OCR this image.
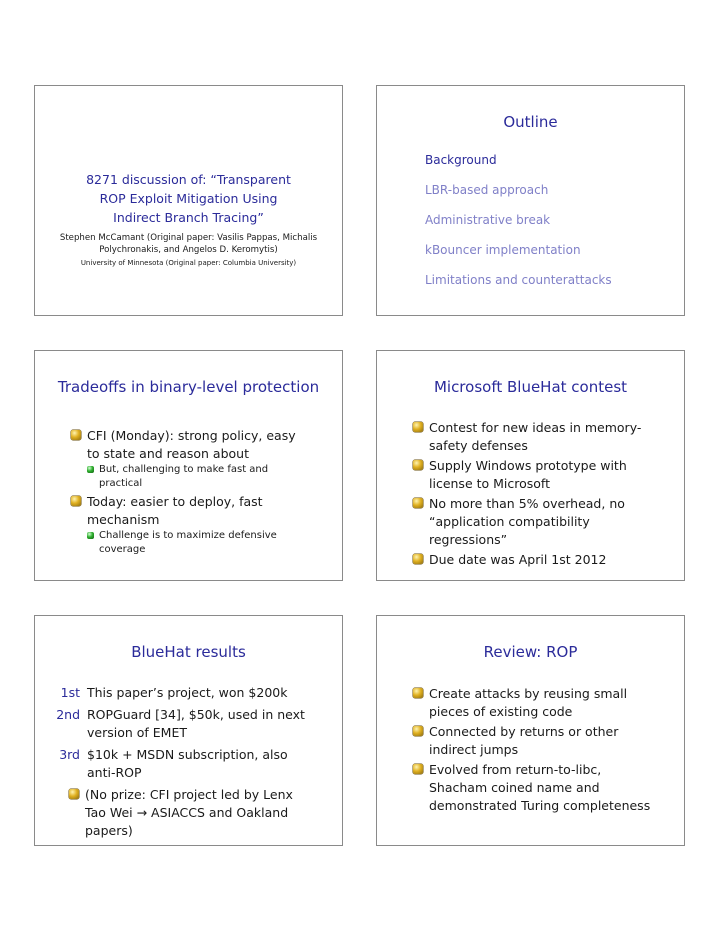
8271 discussion of: “Transparent
ROP Exploit Mitigation Using
Indirect Branch Tracing”
Stephen McCamant (Original paper: Vasilis Pappas, Michalis
Polychronakis, and Angelos D. Keromytis)
University of Minnesota (Original paper: Columbia University)
Outline
Background
LBR-based approach
Administrative break
kBouncer implementation
Limitations and counterattacks
Tradeoffs in binary-level protection
CFI (Monday): strong policy, easy to state and reason about
But, challenging to make fast and practical
Today: easier to deploy, fast mechanism
Challenge is to maximize defensive coverage
Microsoft BlueHat contest
Contest for new ideas in memory-safety defenses
Supply Windows prototype with license to Microsoft
No more than 5% overhead, no “application compatibility regressions”
Due date was April 1st 2012
BlueHat results
1st This paper’s project, won $200k
2nd ROPGuard [34], $50k, used in next version of EMET
3rd $10k + MSDN subscription, also anti-ROP
(No prize: CFI project led by Lenx Tao Wei → ASIACCS and Oakland papers)
Review: ROP
Create attacks by reusing small pieces of existing code
Connected by returns or other indirect jumps
Evolved from return-to-libc, Shacham coined name and demonstrated Turing completeness
